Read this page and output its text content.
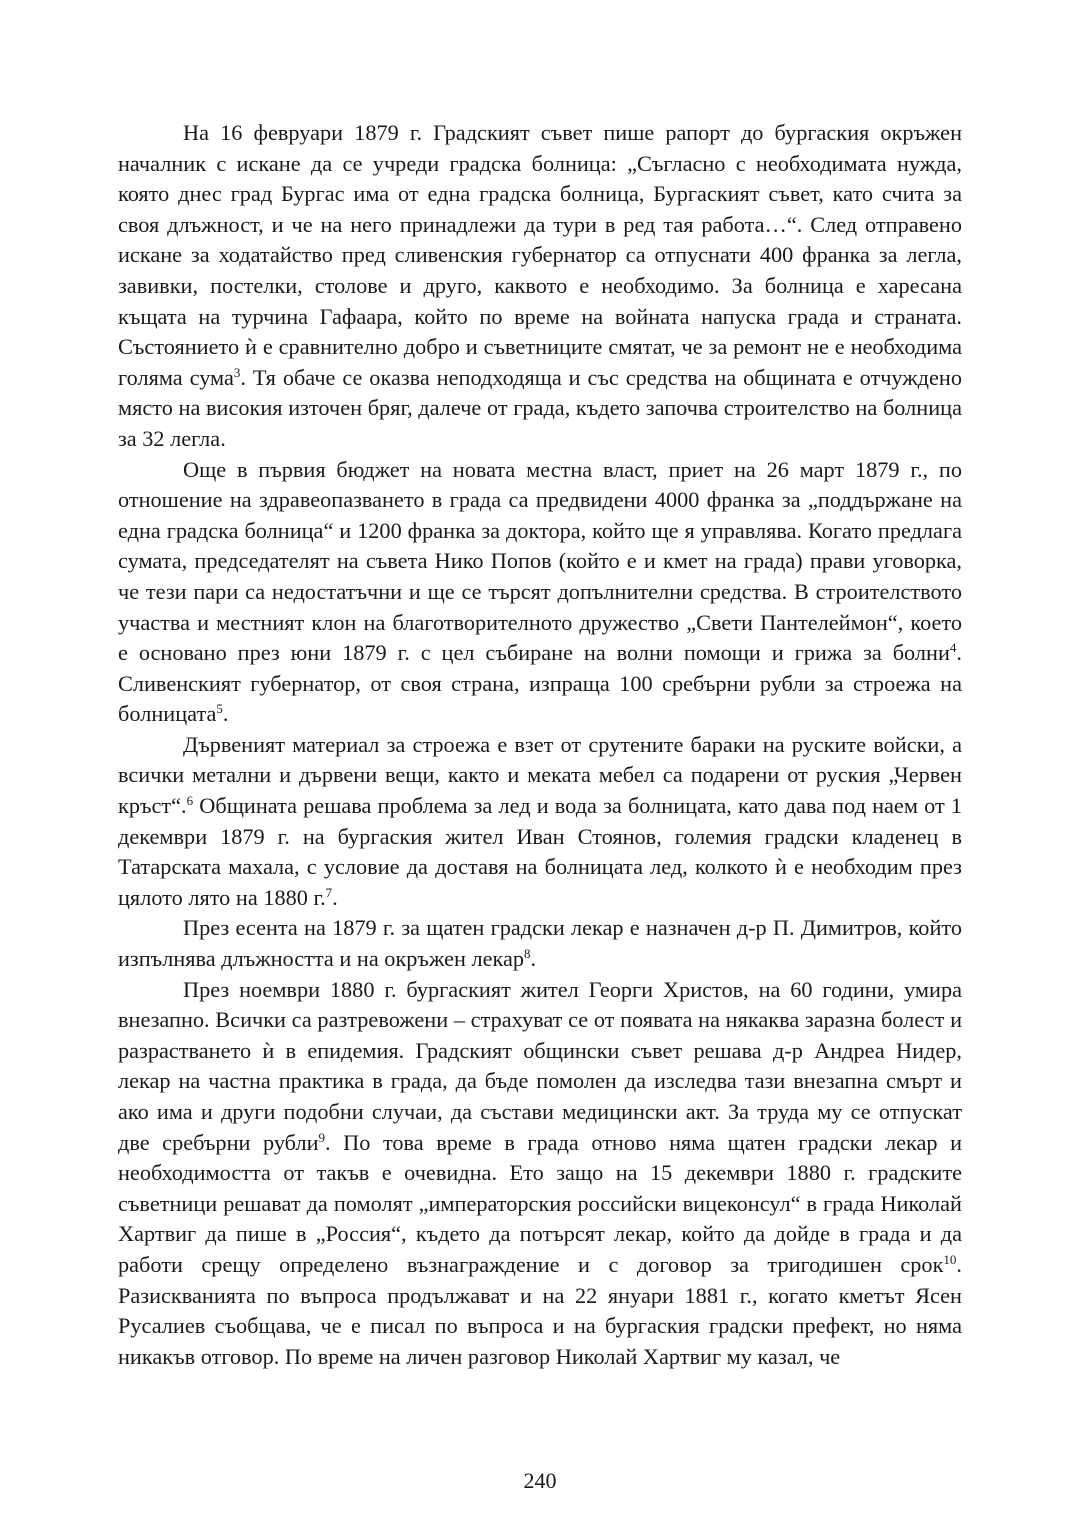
На 16 февруари 1879 г. Градският съвет пише рапорт до бургаския окръжен началник с искане да се учреди градска болница: „Съгласно с необходимата нужда, която днес град Бургас има от една градска болница, Бургаският съвет, като счита за своя длъжност, и че на него принадлежи да тури в ред тая работа…“. След отправено искане за ходатайство пред сливенския губернатор са отпуснати 400 франка за легла, завивки, постелки, столове и друго, каквото е необходимо. За болница е харесана къщата на турчина Гафаара, който по време на войната напуска града и страната. Състоянието ѝ е сравнително добро и съветниците смятат, че за ремонт не е необходима голяма сума$^3$. Тя обаче се оказва неподходяща и със средства на общината е отчуждено място на високия източен бряг, далече от града, където започва строителство на болница за 32 легла.

Още в първия бюджет на новата местна власт, приет на 26 март 1879 г., по отношение на здравеопазването в града са предвидени 4000 франка за „поддържане на една градска болница“ и 1200 франка за доктора, който ще я управлява. Когато предлага сумата, председателят на съвета Нико Попов (който е и кмет на града) прави уговорка, че тези пари са недостатъчни и ще се търсят допълнителни средства. В строителството участва и местният клон на благотворителното дружество „Свети Пантелеймон“, което е основано през юни 1879 г. с цел събиране на волни помощи и грижа за болни$^4$. Сливенският губернатор, от своя страна, изпраща 100 сребърни рубли за строежа на болницата$^5$.

Дървеният материал за строежа е взет от срутените бараки на руските войски, а всички метални и дървени вещи, както и меката мебел са подарени от руския „Червен кръст“.$^6$ Общината решава проблема за лед и вода за болницата, като дава под наем от 1 декември 1879 г. на бургаския жител Иван Стоянов, големия градски кладенец в Татарската махала, с условие да доставя на болницата лед, колкото ѝ е необходим през цялото лято на 1880 г.$^7$.

През есента на 1879 г. за щатен градски лекар е назначен д-р П. Димитров, който изпълнява длъжността и на окръжен лекар$^8$.

През ноември 1880 г. бургаският жител Георги Христов, на 60 години, умира внезапно. Всички са разтревожени – страхуват се от появата на някаква заразна болест и разрастването ѝ в епидемия. Градският общински съвет решава д-р Андреа Нидер, лекар на частна практика в града, да бъде помолен да изследва тази внезапна смърт и ако има и други подобни случаи, да състави медицински акт. За труда му се отпускат две сребърни рубли$^9$. По това време в града отново няма щатен градски лекар и необходимостта от такъв е очевидна. Ето защо на 15 декември 1880 г. градските съветници решават да помолят „императорския российски вицеконсул“ в града Николай Хартвиг да пише в „Россия“, където да потърсят лекар, който да дойде в града и да работи срещу определено възнаграждение и с договор за тригодишен срок$^{10}$. Разискванията по въпроса продължават и на 22 януари 1881 г., когато кметът Ясен Русалиев съобщава, че е писал по въпроса и на бургаския градски префект, но няма никакъв отговор. По време на личен разговор Николай Хартвиг му казал, че

240
